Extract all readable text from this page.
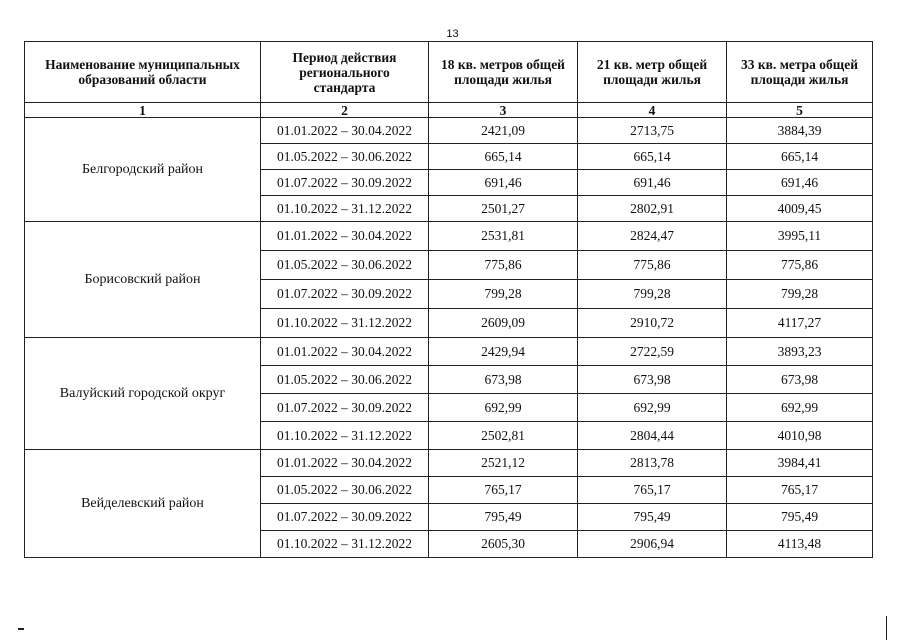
13
Наименование муниципальных образований области	Период действия регионального стандарта	18 кв. метров общей площади жилья	21 кв. метр общей площади жилья	33 кв. метра общей площади жилья
1	2	3	4	5
Белгородский район	01.01.2022 – 30.04.2022	2421,09	2713,75	3884,39
	01.05.2022 – 30.06.2022	665,14	665,14	665,14
	01.07.2022 – 30.09.2022	691,46	691,46	691,46
	01.10.2022 – 31.12.2022	2501,27	2802,91	4009,45
Борисовский район	01.01.2022 – 30.04.2022	2531,81	2824,47	3995,11
	01.05.2022 – 30.06.2022	775,86	775,86	775,86
	01.07.2022 – 30.09.2022	799,28	799,28	799,28
	01.10.2022 – 31.12.2022	2609,09	2910,72	4117,27
Валуйский городской округ	01.01.2022 – 30.04.2022	2429,94	2722,59	3893,23
	01.05.2022 – 30.06.2022	673,98	673,98	673,98
	01.07.2022 – 30.09.2022	692,99	692,99	692,99
	01.10.2022 – 31.12.2022	2502,81	2804,44	4010,98
Вейделевский район	01.01.2022 – 30.04.2022	2521,12	2813,78	3984,41
	01.05.2022 – 30.06.2022	765,17	765,17	765,17
	01.07.2022 – 30.09.2022	795,49	795,49	795,49
	01.10.2022 – 31.12.2022	2605,30	2906,94	4113,48
